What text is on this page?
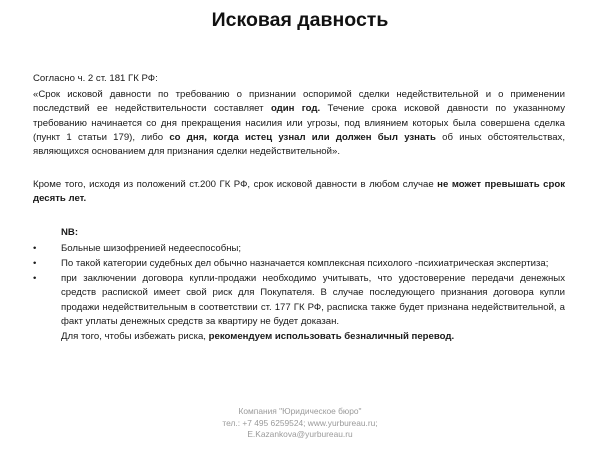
Исковая давность

Согласно ч. 2 ст. 181 ГК РФ:

«Срок исковой давности по требованию о признании оспоримой сделки недействительной и о применении последствий ее недействительности составляет один год. Течение срока исковой давности по указанному требованию начинается со дня прекращения насилия или угрозы, под влиянием которых была совершена сделка (пункт 1 статьи 179), либо со дня, когда истец узнал или должен был узнать об иных обстоятельствах, являющихся основанием для признания сделки недействительной».

Кроме того, исходя из положений ст.200 ГК РФ, срок исковой давности в любом случае не может превышать срок десять лет.

NB:

•	Больные шизофренией недееспособны;
•	По такой категории судебных дел обычно назначается комплексная психолого -психиатрическая экспертиза;
•	при заключении договора купли-продажи необходимо учитывать, что удостоверение передачи денежных средств распиской имеет свой риск для Покупателя. В случае последующего признания договора купли продажи недействительным в соответствии ст. 177 ГК РФ, расписка также будет признана недействительной, а факт уплаты денежных средств за квартиру не будет доказан.

Для того, чтобы избежать риска, рекомендуем использовать безналичный перевод.

Компания "Юридическое бюро"
тел.: +7 495 6259524; www.yurbureau.ru;
E.Kazankova@yurbureau.ru
